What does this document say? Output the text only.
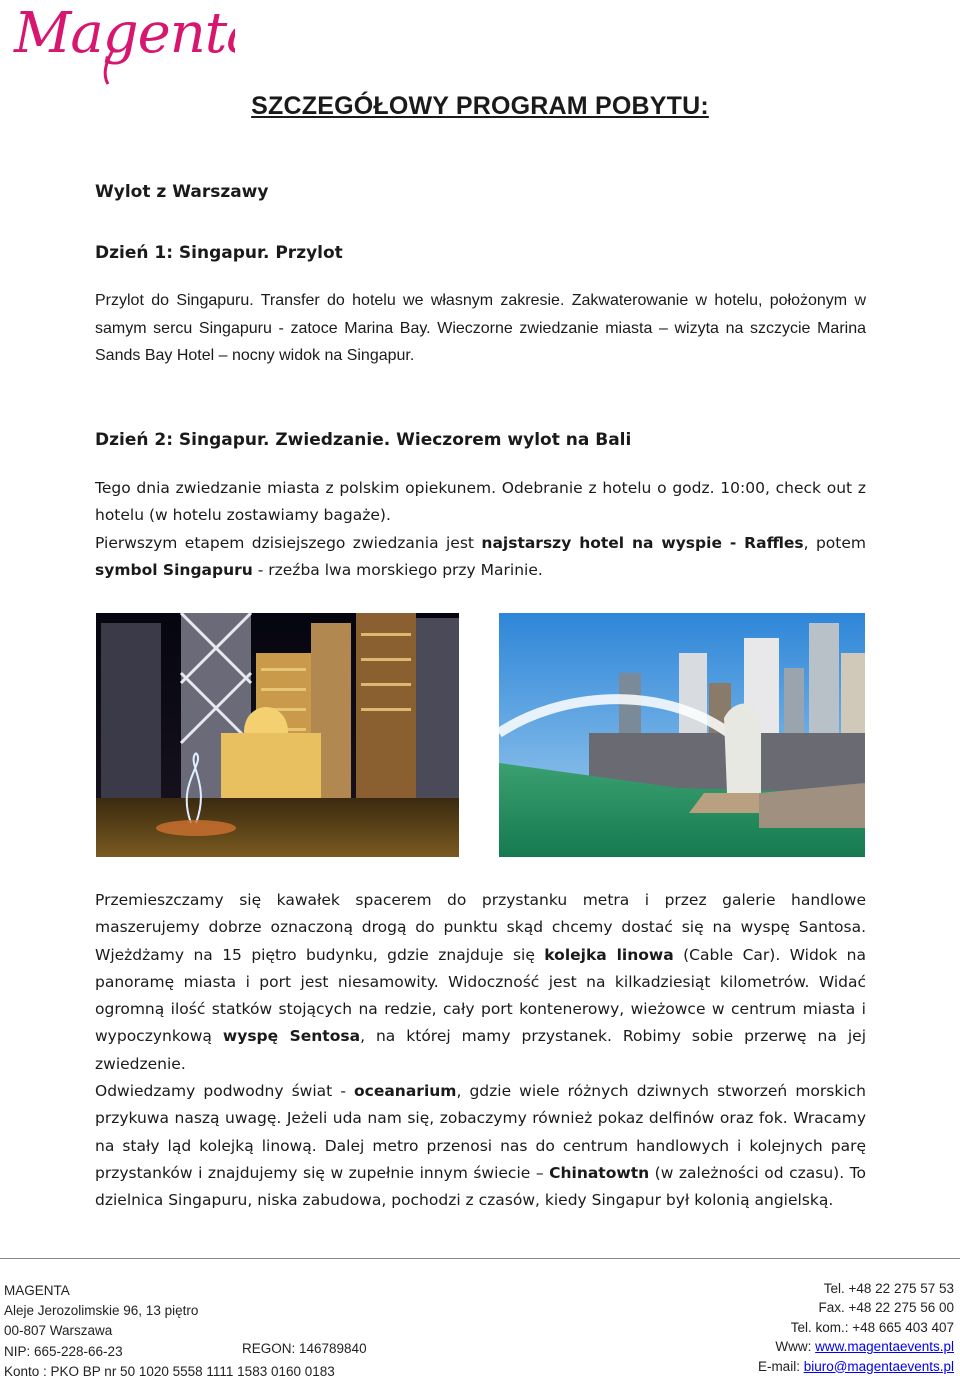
Magenta
SZCZEGÓŁOWY PROGRAM POBYTU:
Wylot z Warszawy
Dzień 1: Singapur. Przylot
Przylot do Singapuru. Transfer do hotelu we własnym zakresie. Zakwaterowanie w hotelu, położonym w samym sercu Singapuru - zatoce Marina Bay. Wieczorne zwiedzanie miasta – wizyta na szczycie Marina Sands Bay Hotel – nocny widok na Singapur.
Dzień 2: Singapur. Zwiedzanie. Wieczorem wylot na Bali
Tego dnia zwiedzanie miasta z polskim opiekunem. Odebranie z hotelu o godz. 10:00, check out z hotelu (w hotelu zostawiamy bagaże).
Pierwszym etapem dzisiejszego zwiedzania jest najstarszy hotel na wyspie - Raffles, potem symbol Singapuru - rzeźba lwa morskiego przy Marinie.
Przemieszczamy się kawałek spacerem do przystanku metra i przez galerie handlowe maszerujemy dobrze oznaczoną drogą do punktu skąd chcemy dostać się na wyspę Santosa. Wjeżdżamy na 15 piętro budynku, gdzie znajduje się kolejka linowa (Cable Car). Widok na panoramę miasta i port jest niesamowity. Widoczność jest na kilkadziesiąt kilometrów. Widać ogromną ilość statków stojących na redzie, cały port kontenerowy, wieżowce w centrum miasta i wypoczynkową wyspę Sentosa, na której mamy przystanek. Robimy sobie przerwę na jej zwiedzenie.
Odwiedzamy podwodny świat - oceanarium, gdzie wiele różnych dziwnych stworzeń morskich przykuwa naszą uwagę. Jeżeli uda nam się, zobaczymy również pokaz delfinów oraz fok. Wracamy na stały ląd kolejką linową. Dalej metro przenosi nas do centrum handlowych i kolejnych parę przystanków i znajdujemy się w zupełnie innym świecie – Chinatowtn (w zależności od czasu). To dzielnica Singapuru, niska zabudowa, pochodzi z czasów, kiedy Singapur był kolonią angielską.
MAGENTA
Aleje Jerozolimskie 96, 13 piętro
00-807 Warszawa
NIP: 665-228-66-23
Konto : PKO BP nr 50 1020 5558 1111 1583 0160 0183
REGON: 146789840
Tel. +48 22 275 57 53
Fax. +48 22 275 56 00
Tel. kom.: +48 665 403 407
Www: www.magentaevents.pl
E-mail: biuro@magentaevents.pl
